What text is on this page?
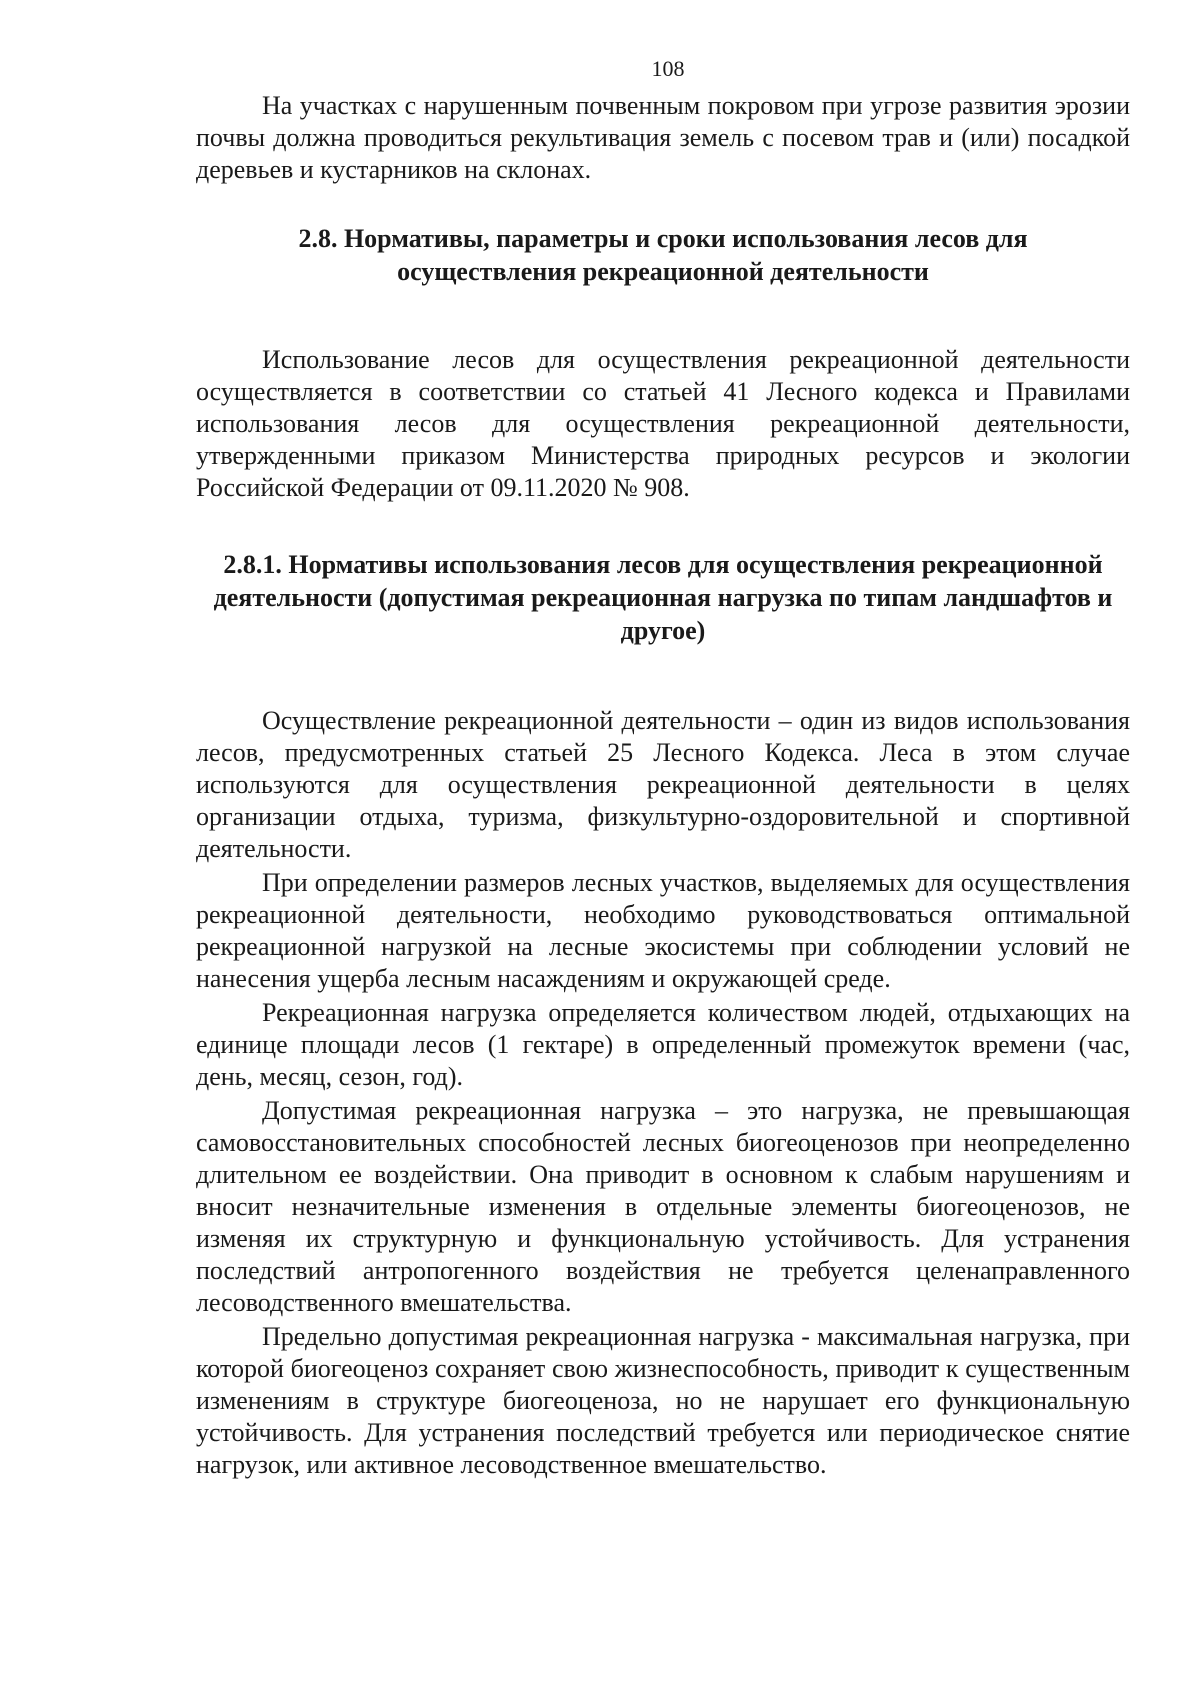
108

На участках с нарушенным почвенным покровом при угрозе развития эрозии почвы должна проводиться рекультивация земель с посевом трав и (или) посадкой деревьев и кустарников на склонах.

2.8. Нормативы, параметры и сроки использования лесов для осуществления рекреационной деятельности

Использование лесов для осуществления рекреационной деятельности осуществляется в соответствии со статьей 41 Лесного кодекса и Правилами использования лесов для осуществления рекреационной деятельности, утвержденными приказом Министерства природных ресурсов и экологии Российской Федерации от 09.11.2020 № 908.

2.8.1. Нормативы использования лесов для осуществления рекреационной деятельности (допустимая рекреационная нагрузка по типам ландшафтов и другое)

Осуществление рекреационной деятельности – один из видов использования лесов, предусмотренных статьей 25 Лесного Кодекса. Леса в этом случае используются для осуществления рекреационной деятельности в целях организации отдыха, туризма, физкультурно-оздоровительной и спортивной деятельности.

При определении размеров лесных участков, выделяемых для осуществления рекреационной деятельности, необходимо руководствоваться оптимальной рекреационной нагрузкой на лесные экосистемы при соблюдении условий не нанесения ущерба лесным насаждениям и окружающей среде.

Рекреационная нагрузка определяется количеством людей, отдыхающих на единице площади лесов (1 гектаре) в определенный промежуток времени (час, день, месяц, сезон, год).

Допустимая рекреационная нагрузка – это нагрузка, не превышающая самовосстановительных способностей лесных биогеоценозов при неопределенно длительном ее воздействии. Она приводит в основном к слабым нарушениям и вносит незначительные изменения в отдельные элементы биогеоценозов, не изменяя их структурную и функциональную устойчивость. Для устранения последствий антропогенного воздействия не требуется целенаправленного лесоводственного вмешательства.

Предельно допустимая рекреационная нагрузка - максимальная нагрузка, при которой биогеоценоз сохраняет свою жизнеспособность, приводит к существенным изменениям в структуре биогеоценоза, но не нарушает его функциональную устойчивость. Для устранения последствий требуется или периодическое снятие нагрузок, или активное лесоводственное вмешательство.
